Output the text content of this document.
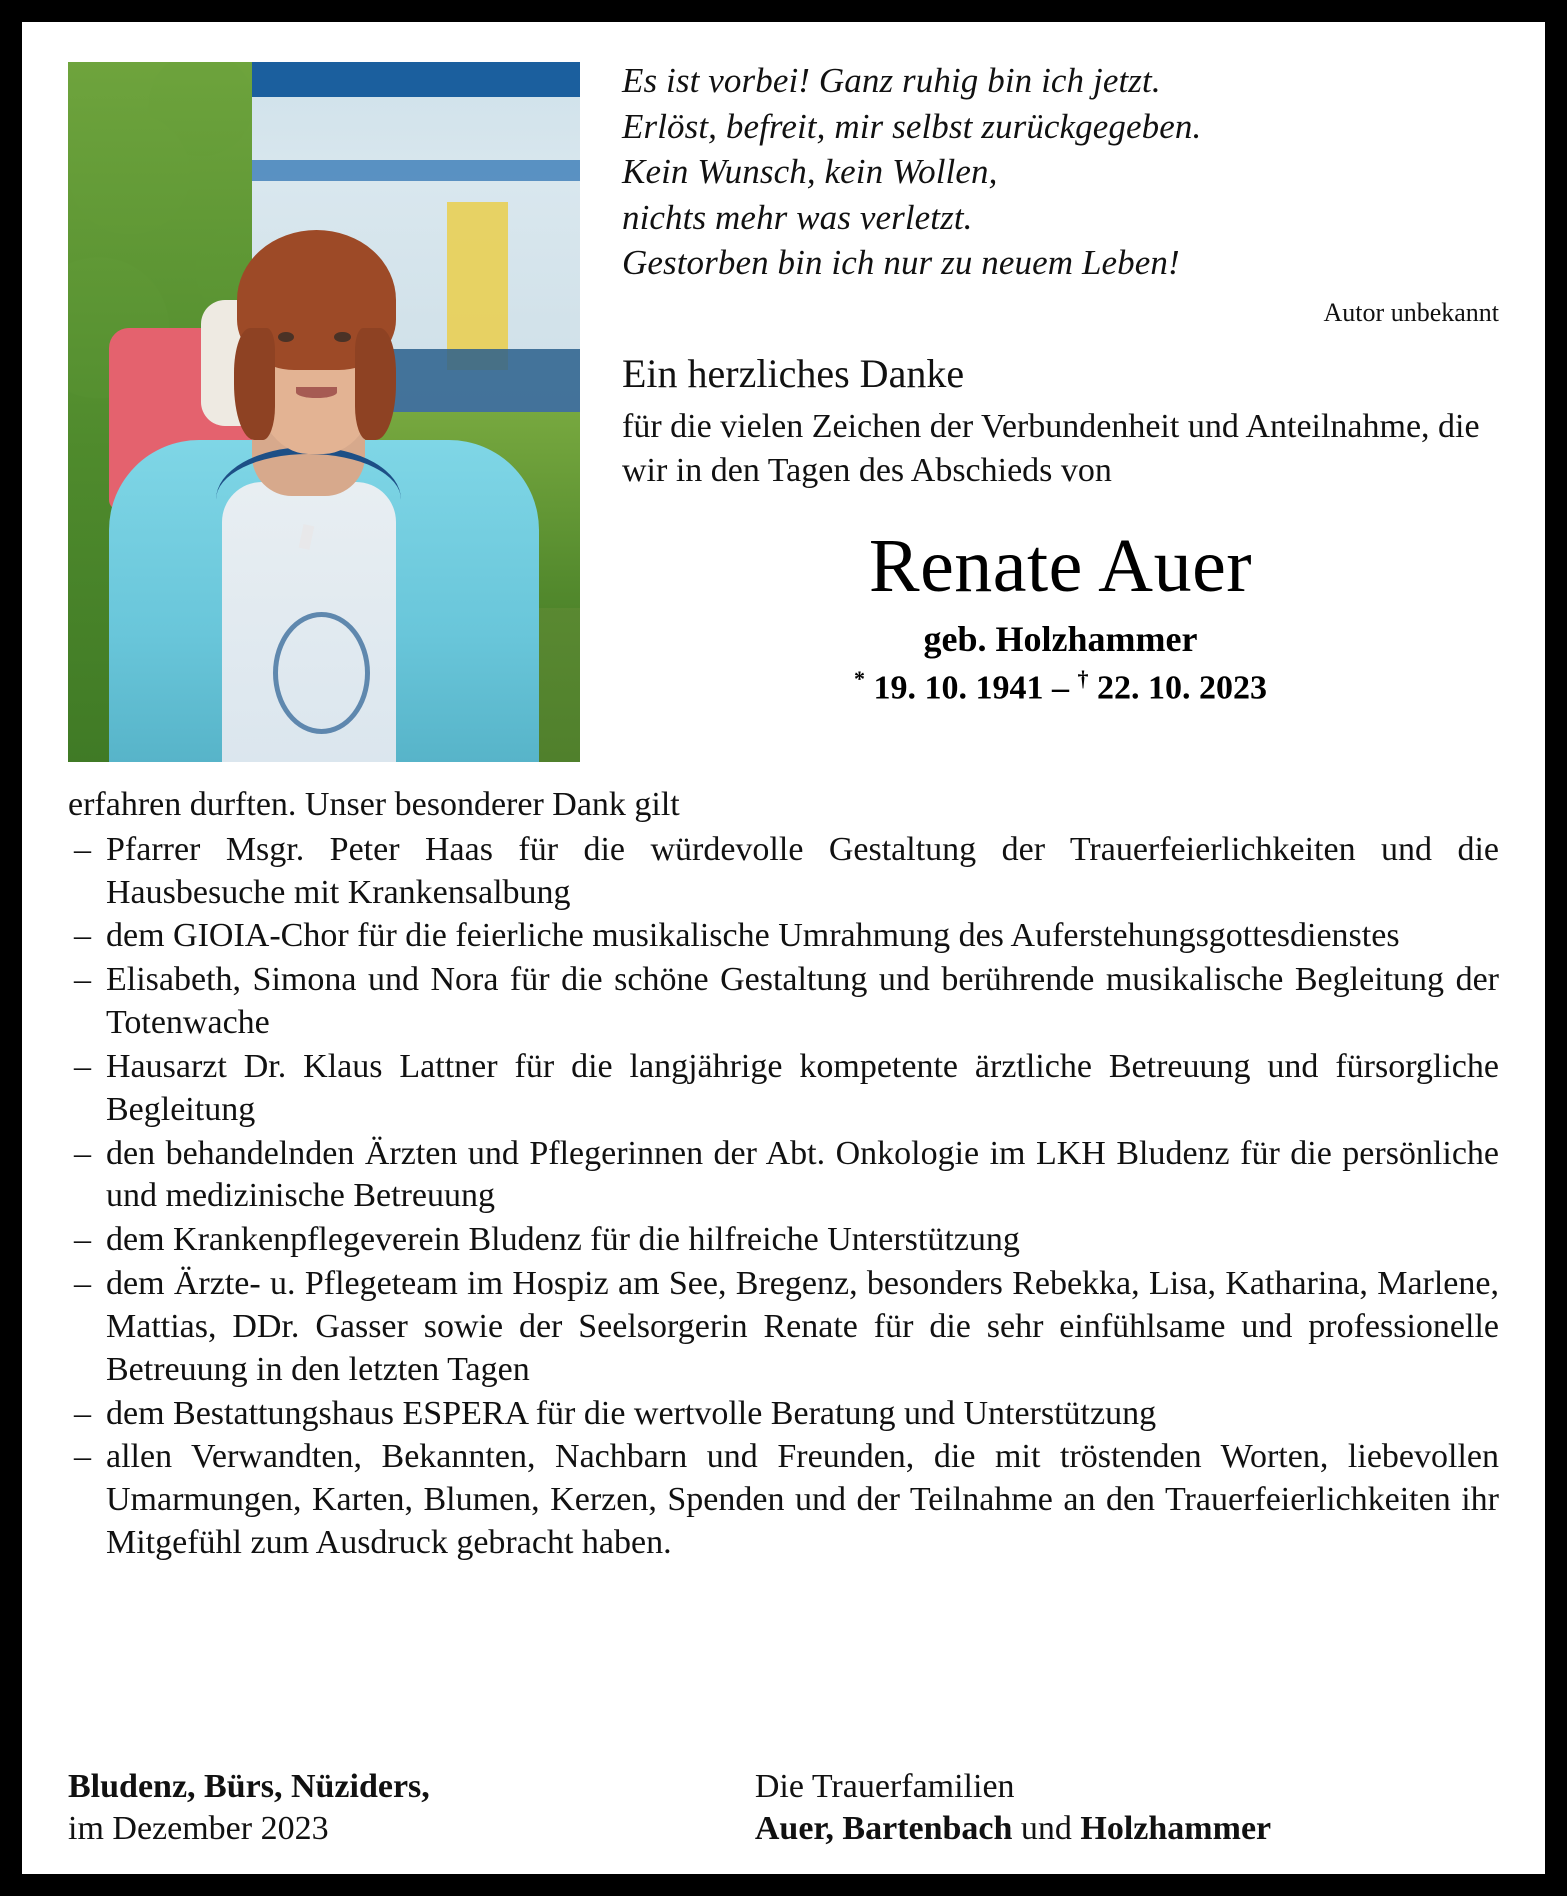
Es ist vorbei! Ganz ruhig bin ich jetzt.
Erlöst, befreit, mir selbst zurückgegeben.
Kein Wunsch, kein Wollen,
nichts mehr was verletzt.
Gestorben bin ich nur zu neuem Leben!
Autor unbekannt
Ein herzliches Danke
für die vielen Zeichen der Verbundenheit und Anteilnahme, die wir in den Tagen des Abschieds von
Renate Auer
geb. Holzhammer
* 19. 10. 1941 – † 22. 10. 2023
erfahren durften. Unser besonderer Dank gilt
– Pfarrer Msgr. Peter Haas für die würdevolle Gestaltung der Trauerfeierlichkeiten und die Hausbesuche mit Krankensalbung
– dem GIOIA-Chor für die feierliche musikalische Umrahmung des Auferstehungsgottesdienstes
– Elisabeth, Simona und Nora für die schöne Gestaltung und berührende musikalische Begleitung der Totenwache
– Hausarzt Dr. Klaus Lattner für die langjährige kompetente ärztliche Betreuung und fürsorgliche Begleitung
– den behandelnden Ärzten und Pflegerinnen der Abt. Onkologie im LKH Bludenz für die persönliche und medizinische Betreuung
– dem Krankenpflegeverein Bludenz für die hilfreiche Unterstützung
– dem Ärzte- u. Pflegeteam im Hospiz am See, Bregenz, besonders Rebekka, Lisa, Katharina, Marlene, Mattias, DDr. Gasser sowie der Seelsorgerin Renate für die sehr einfühlsame und professionelle Betreuung in den letzten Tagen
– dem Bestattungshaus ESPERA für die wertvolle Beratung und Unterstützung
– allen Verwandten, Bekannten, Nachbarn und Freunden, die mit tröstenden Worten, liebevollen Umarmungen, Karten, Blumen, Kerzen, Spenden und der Teilnahme an den Trauerfeierlichkeiten ihr Mitgefühl zum Ausdruck gebracht haben.
Bludenz, Bürs, Nüziders,
im Dezember 2023
Die Trauerfamilien
Auer, Bartenbach und Holzhammer
